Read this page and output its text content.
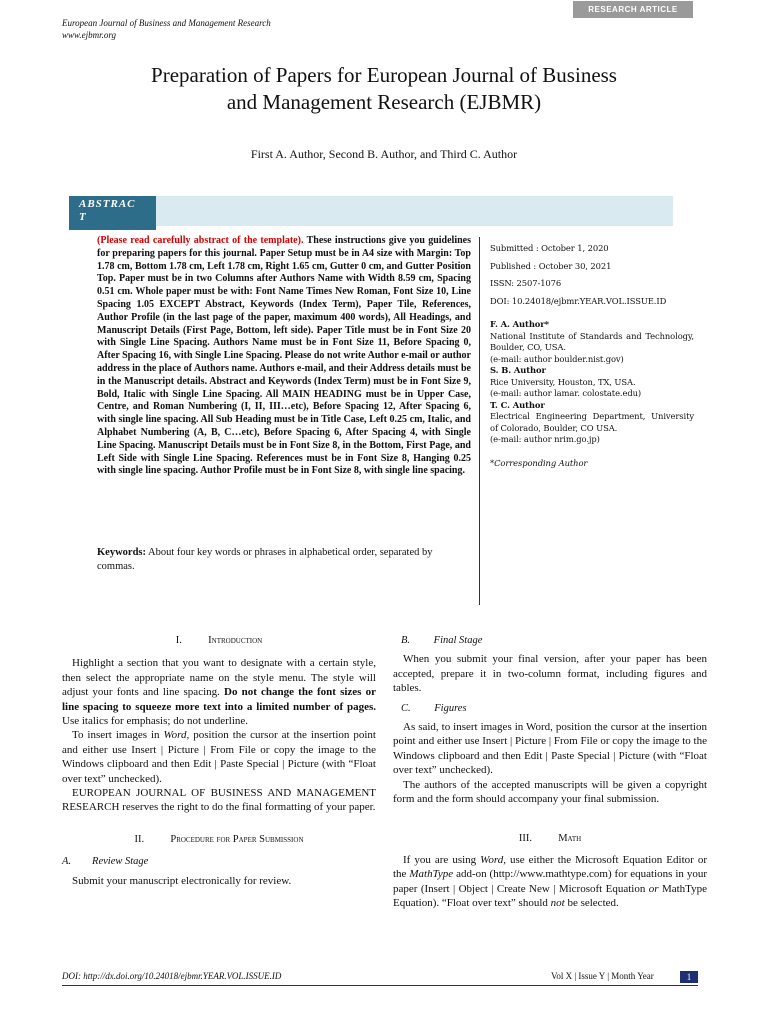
RESEARCH ARTICLE
European Journal of Business and Management Research
www.ejbmr.org
Preparation of Papers for European Journal of Business
and Management Research (EJBMR)
First A. Author, Second B. Author, and Third C. Author
ABSTRAC
T
(Please read carefully abstract of the template). These instructions give you guidelines for preparing papers for this journal. Paper Setup must be in A4 size with Margin: Top 1.78 cm, Bottom 1.78 cm, Left 1.78 cm, Right 1.65 cm, Gutter 0 cm, and Gutter Position Top. Paper must be in two Columns after Authors Name with Width 8.59 cm, Spacing 0.51 cm. Whole paper must be with: Font Name Times New Roman, Font Size 10, Line Spacing 1.05 EXCEPT Abstract, Keywords (Index Term), Paper Tile, References, Author Profile (in the last page of the paper, maximum 400 words), All Headings, and Manuscript Details (First Page, Bottom, left side). Paper Title must be in Font Size 20 with Single Line Spacing. Authors Name must be in Font Size 11, Before Spacing 0, After Spacing 16, with Single Line Spacing. Please do not write Author e-mail or author address in the place of Authors name. Authors e-mail, and their Address details must be in the Manuscript details. Abstract and Keywords (Index Term) must be in Font Size 9, Bold, Italic with Single Line Spacing. All MAIN HEADING must be in Upper Case, Centre, and Roman Numbering (I, II, III…etc), Before Spacing 12, After Spacing 6, with single line spacing. All Sub Heading must be in Title Case, Left 0.25 cm, Italic, and Alphabet Numbering (A, B, C…etc), Before Spacing 6, After Spacing 4, with Single Line Spacing. Manuscript Details must be in Font Size 8, in the Bottom, First Page, and Left Side with Single Line Spacing. References must be in Font Size 8, Hanging 0.25 with single line spacing. Author Profile must be in Font Size 8, with single line spacing.
Keywords: About four key words or phrases in alphabetical order, separated by commas.
Submitted : October 1, 2020
Published : October 30, 2021
ISSN: 2507-1076
DOI: 10.24018/ejbmr.YEAR.VOL.ISSUE.ID
F. A. Author*
National Institute of Standards and Technology, Boulder, CO, USA.
(e-mail: author boulder.nist.gov)
S. B. Author
Rice University, Houston, TX, USA.
(e-mail: author lamar. colostate.edu)
T. C. Author
Electrical Engineering Department, University of Colorado, Boulder, CO USA.
(e-mail: author nrim.go.jp)
*Corresponding Author

I.	Introduction

Highlight a section that you want to designate with a certain style, then select the appropriate name on the style menu. The style will adjust your fonts and line spacing. Do not change the font sizes or line spacing to squeeze more text into a limited number of pages. Use italics for emphasis; do not underline.

To insert images in Word, position the cursor at the insertion point and either use Insert | Picture | From File or copy the image to the Windows clipboard and then Edit | Paste Special | Picture (with “Float over text” unchecked).

EUROPEAN JOURNAL OF BUSINESS AND MANAGEMENT RESEARCH reserves the right to do the final formatting of your paper.

II.	Procedure for Paper Submission

A. Review Stage

Submit your manuscript electronically for review.

B. Final Stage

When you submit your final version, after your paper has been accepted, prepare it in two-column format, including figures and tables.

C. Figures

As said, to insert images in Word, position the cursor at the insertion point and either use Insert | Picture | From File or copy the image to the Windows clipboard and then Edit | Paste Special | Picture (with “Float over text” unchecked).

The authors of the accepted manuscripts will be given a copyright form and the form should accompany your final submission.

III.	Math

If you are using Word, use either the Microsoft Equation Editor or the MathType add-on (http://www.mathtype.com) for equations in your paper (Insert | Object | Create New | Microsoft Equation or MathType Equation). “Float over text” should not be selected.

DOI: http://dx.doi.org/10.24018/ejbmr.YEAR.VOL.ISSUE.ID	Vol X | Issue Y | Month Year	1
